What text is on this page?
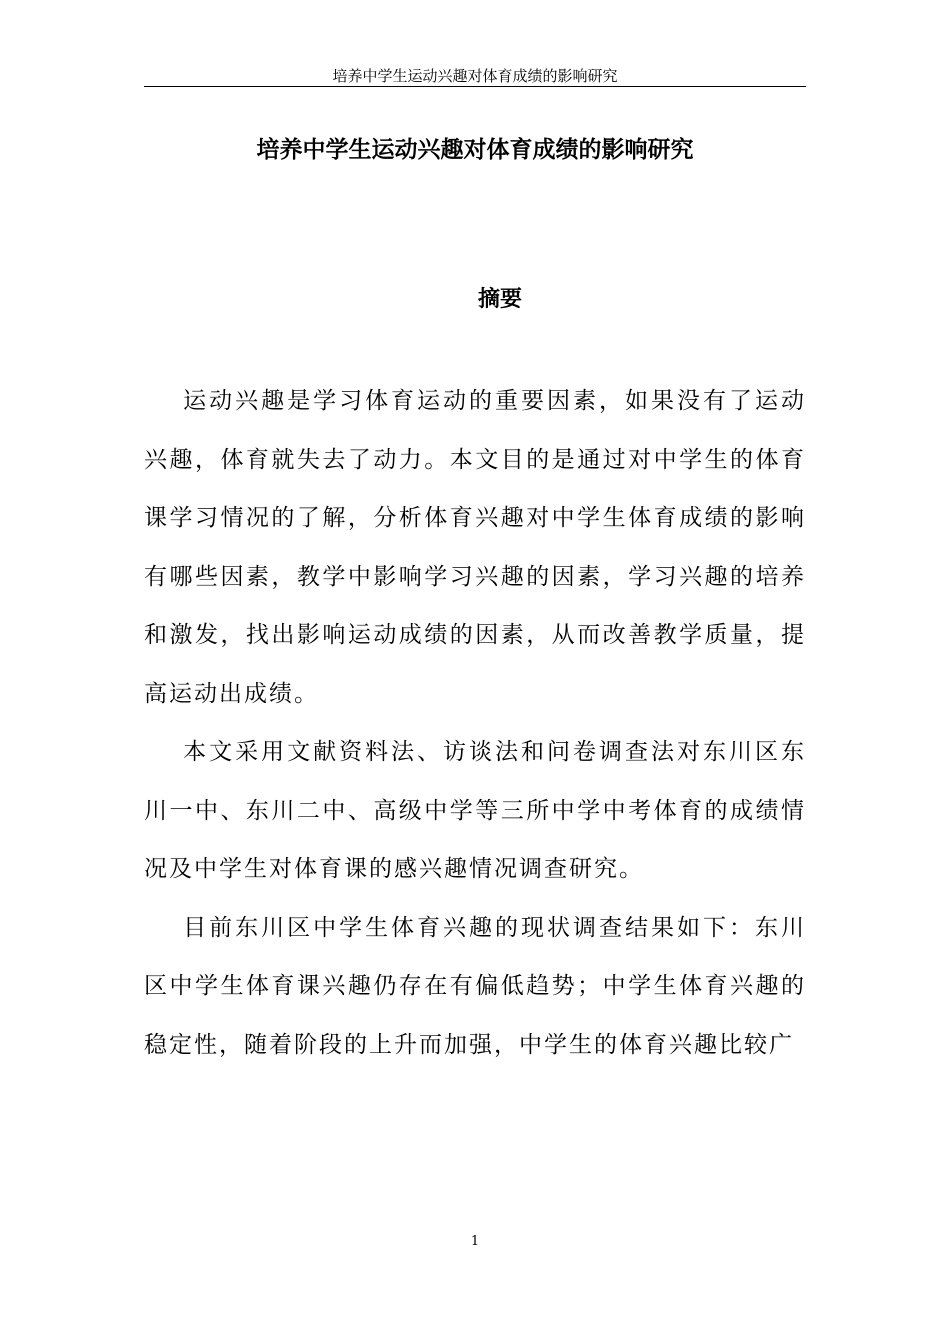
培养中学生运动兴趣对体育成绩的影响研究
培养中学生运动兴趣对体育成绩的影响研究
摘要

运动兴趣是学习体育运动的重要因素，如果没有了运动兴趣，体育就失去了动力。本文目的是通过对中学生的体育课学习情况的了解，分析体育兴趣对中学生体育成绩的影响有哪些因素，教学中影响学习兴趣的因素，学习兴趣的培养和激发，找出影响运动成绩的因素，从而改善教学质量，提高运动出成绩。

本文采用文献资料法、访谈法和问卷调查法对东川区东川一中、东川二中、高级中学等三所中学中考体育的成绩情况及中学生对体育课的感兴趣情况调查研究。

目前东川区中学生体育兴趣的现状调查结果如下：东川区中学生体育课兴趣仍存在有偏低趋势；中学生体育兴趣的稳定性，随着阶段的上升而加强，中学生的体育兴趣比较广

1
